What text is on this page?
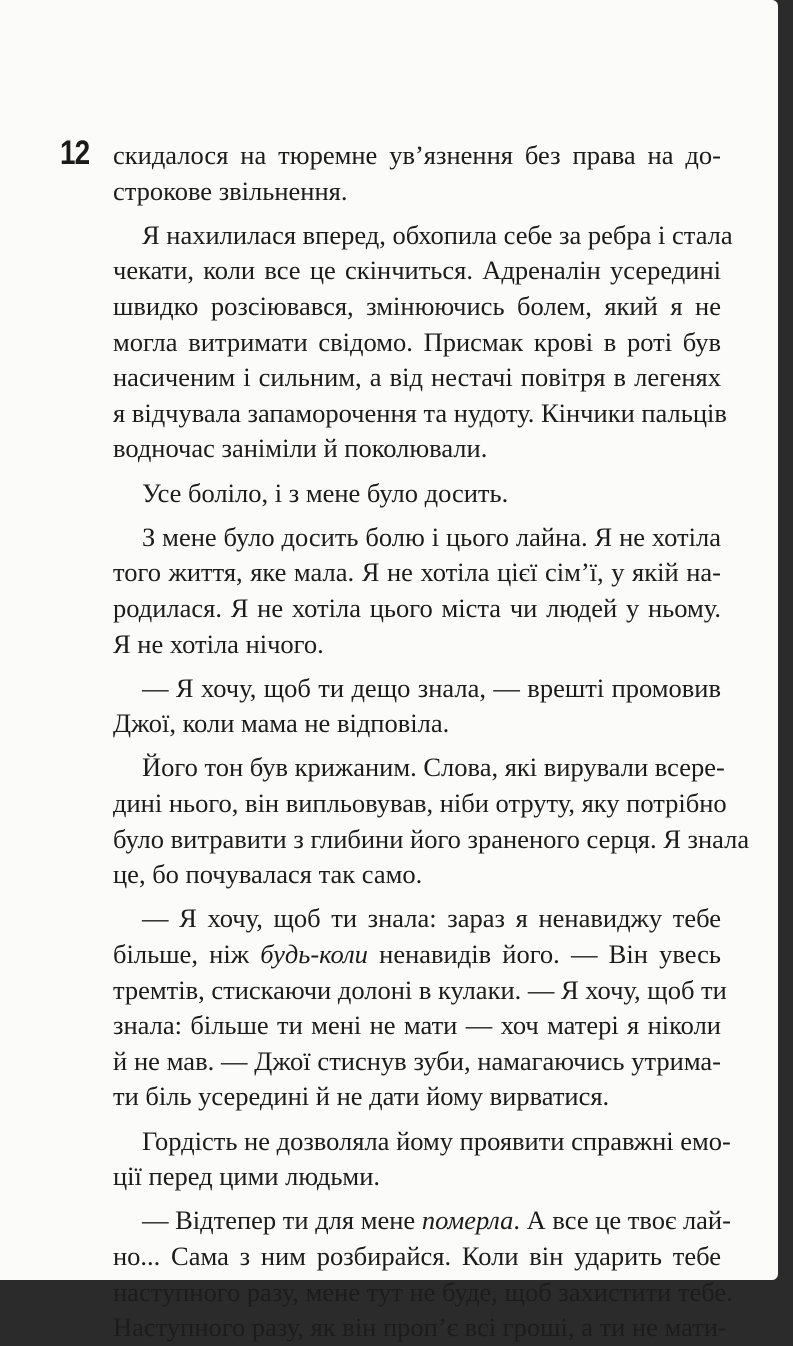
12 скидалося на тюремне ув’язнення без права на до-
строкове звільнення.
Я нахилилася вперед, обхопила себе за ребра і стала
чекати, коли все це скінчиться. Адреналін усередині
швидко розсіювався, змінюючись болем, який я не
могла витримати свідомо. Присмак крові в роті був
насиченим і сильним, а від нестачі повітря в легенях
я відчувала запаморочення та нудоту. Кінчики пальців
водночас заніміли й поколювали.
Усе боліло, і з мене було досить.
З мене було досить болю і цього лайна. Я не хотіла
того життя, яке мала. Я не хотіла цієї сім’ї, у якій на-
родилася. Я не хотіла цього міста чи людей у ньому.
Я не хотіла нічого.
— Я хочу, щоб ти дещо знала, — врешті промовив
Джої, коли мама не відповіла.
Його тон був крижаним. Слова, які вирували всере-
дині нього, він випльовував, ніби отруту, яку потрібно
було витравити з глибини його зраненого серця. Я знала
це, бо почувалася так само.
— Я хочу, щоб ти знала: зараз я ненавиджу тебе
більше, ніж будь-коли ненавидів його. — Він увесь
тремтів, стискаючи долоні в кулаки. — Я хочу, щоб ти
знала: більше ти мені не мати — хоч матері я ніколи
й не мав. — Джої стиснув зуби, намагаючись утрима-
ти біль усередині й не дати йому вирватися.
Гордість не дозволяла йому проявити справжні емо-
ції перед цими людьми.
— Відтепер ти для мене померла. А все це твоє лай-
но... Сама з ним розбирайся. Коли він ударить тебе
наступного разу, мене тут не буде, щоб захистити тебе.
Наступного разу, як він проп’є всі гроші, а ти не мати-
